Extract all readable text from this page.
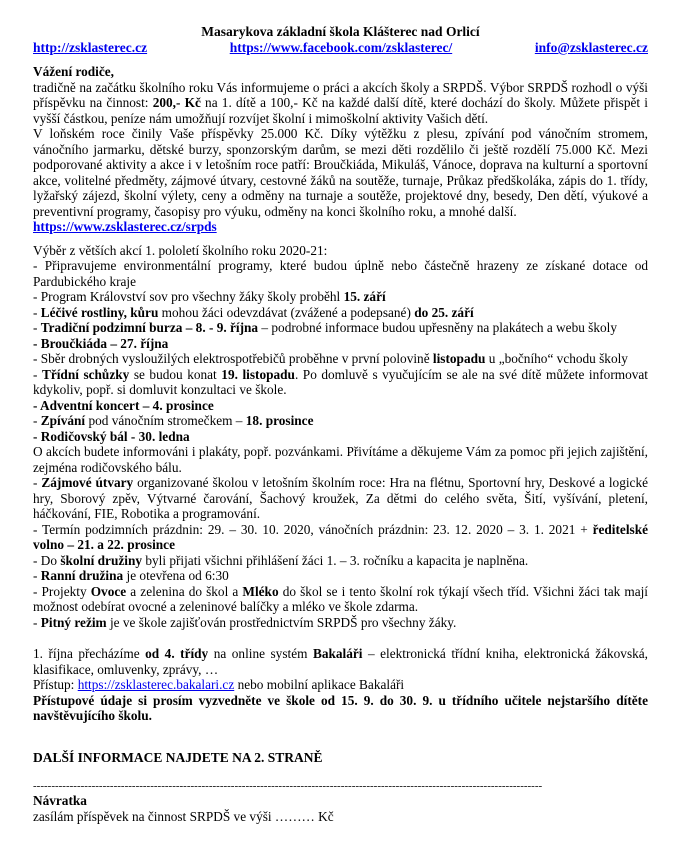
Masarykova základní škola Klášterec nad Orlicí
http://zsklasterec.cz	https://www.facebook.com/zsklasterec/	info@zsklasterec.cz

Vážení rodiče,

tradičně na začátku školního roku Vás informujeme o práci a akcích školy a SRPDŠ. Výbor SRPDŠ rozhodl o výši příspěvku na činnost: 200,- Kč na 1. dítě a 100,- Kč na každé další dítě, které dochází do školy. Můžete přispět i vyšší částkou, peníze nám umožňují rozvíjet školní i mimoškolní aktivity Vašich dětí.

V loňském roce činily Vaše příspěvky 25.000 Kč. Díky výtěžku z plesu, zpívání pod vánočním stromem, vánočního jarmarku, dětské burzy, sponzorským darům, se mezi děti rozdělilo či ještě rozdělí 75.000 Kč. Mezi podporované aktivity a akce i v letošním roce patří: Broučkiáda, Mikuláš, Vánoce, doprava na kulturní a sportovní akce, volitelné předměty, zájmové útvary, cestovné žáků na soutěže, turnaje, Průkaz předškoláka, zápis do 1. třídy, lyžařský zájezd, školní výlety, ceny a odměny na turnaje a soutěže, projektové dny, besedy, Den dětí, výukové a preventivní programy, časopisy pro výuku, odměny na konci školního roku, a mnohé další.

https://www.zsklasterec.cz/srpds

Výběr z větších akcí 1. pololetí školního roku 2020-21:

- Připravujeme environmentální programy, které budou úplně nebo částečně hrazeny ze získané dotace od Pardubického kraje

- Program Království sov pro všechny žáky školy proběhl 15. září

- Léčivé rostliny, kůru mohou žáci odevzdávat (zvážené a podepsané) do 25. září

- Tradiční podzimní burza – 8. - 9. října – podrobné informace budou upřesněny na plakátech a webu školy

- Broučkiáda – 27. října

- Sběr drobných vysloužilých elektrospotřebičů proběhne v první polovině listopadu u „bočního“ vchodu školy

- Třídní schůzky se budou konat 19. listopadu. Po domluvě s vyučujícím se ale na své dítě můžete informovat kdykoliv, popř. si domluvit konzultaci ve škole.

- Adventní koncert – 4. prosince

- Zpívání pod vánočním stromečkem – 18. prosince

- Rodičovský bál - 30. ledna

O akcích budete informováni i plakáty, popř. pozvánkami. Přivítáme a děkujeme Vám za pomoc při jejich zajištění, zejména rodičovského bálu.

- Zájmové útvary organizované školou v letošním školním roce: Hra na flétnu, Sportovní hry, Deskové a logické hry, Sborový zpěv, Výtvarné čarování, Šachový kroužek, Za dětmi do celého světa, Šití, vyšívání, pletení, háčkování, FIE, Robotika a programování.

- Termín podzimních prázdnin: 29. – 30. 10. 2020, vánočních prázdnin: 23. 12. 2020 – 3. 1. 2021 + ředitelské volno – 21. a 22. prosince

- Do školní družiny byli přijati všichni přihlášení žáci 1. – 3. ročníku a kapacita je naplněna.

- Ranní družina je otevřena od 6:30

- Projekty Ovoce a zelenina do škol a Mléko do škol se i tento školní rok týkají všech tříd. Všichni žáci tak mají možnost odebírat ovocné a zeleninové balíčky a mléko ve škole zdarma.

- Pitný režim je ve škole zajišťován prostřednictvím SRPDŠ pro všechny žáky.

1. října přecházíme od 4. třídy na online systém Bakaláři – elektronická třídní kniha, elektronická žákovská, klasifikace, omluvenky, zprávy, …

Přístup: https://zsklasterec.bakalari.cz nebo mobilní aplikace Bakaláři

Přístupové údaje si prosím vyzvedněte ve škole od 15. 9. do 30. 9. u třídního učitele nejstaršího dítěte navštěvujícího školu.

DALŠÍ INFORMACE NAJDETE NA 2. STRANĚ

-------------------------------------------------------------------------------------------------------------------------------------------

Návratka

zasílám příspěvek na činnost SRPDŠ ve výši ……… Kč
